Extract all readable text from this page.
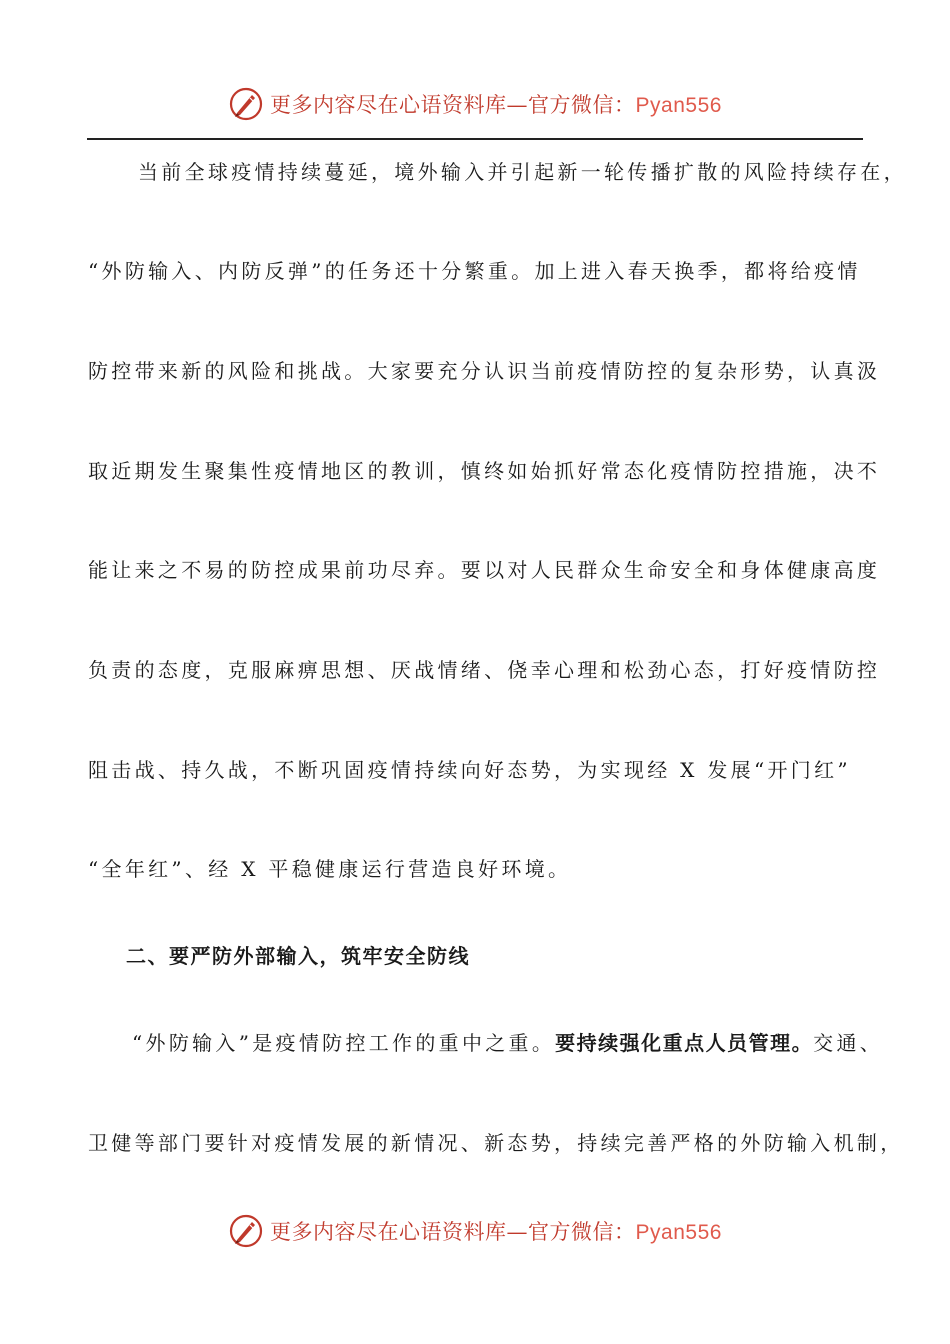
更多内容尽在心语资料库—官方微信：Pyan556
当前全球疫情持续蔓延，境外输入并引起新一轮传播扩散的风险持续存在，
“外防输入、内防反弹”的任务还十分繁重。加上进入春天换季，都将给疫情
防控带来新的风险和挑战。大家要充分认识当前疫情防控的复杂形势，认真汲
取近期发生聚集性疫情地区的教训，慎终如始抓好常态化疫情防控措施，决不
能让来之不易的防控成果前功尽弃。要以对人民群众生命安全和身体健康高度
负责的态度，克服麻痹思想、厌战情绪、侥幸心理和松劲心态，打好疫情防控
阻击战、持久战，不断巩固疫情持续向好态势，为实现经 X 发展“开门红”
“全年红”、经 X 平稳健康运行营造良好环境。
二、要严防外部输入，筑牢安全防线
“外防输入”是疫情防控工作的重中之重。要持续强化重点人员管理。交通、
卫健等部门要针对疫情发展的新情况、新态势，持续完善严格的外防输入机制，
更多内容尽在心语资料库—官方微信：Pyan556
